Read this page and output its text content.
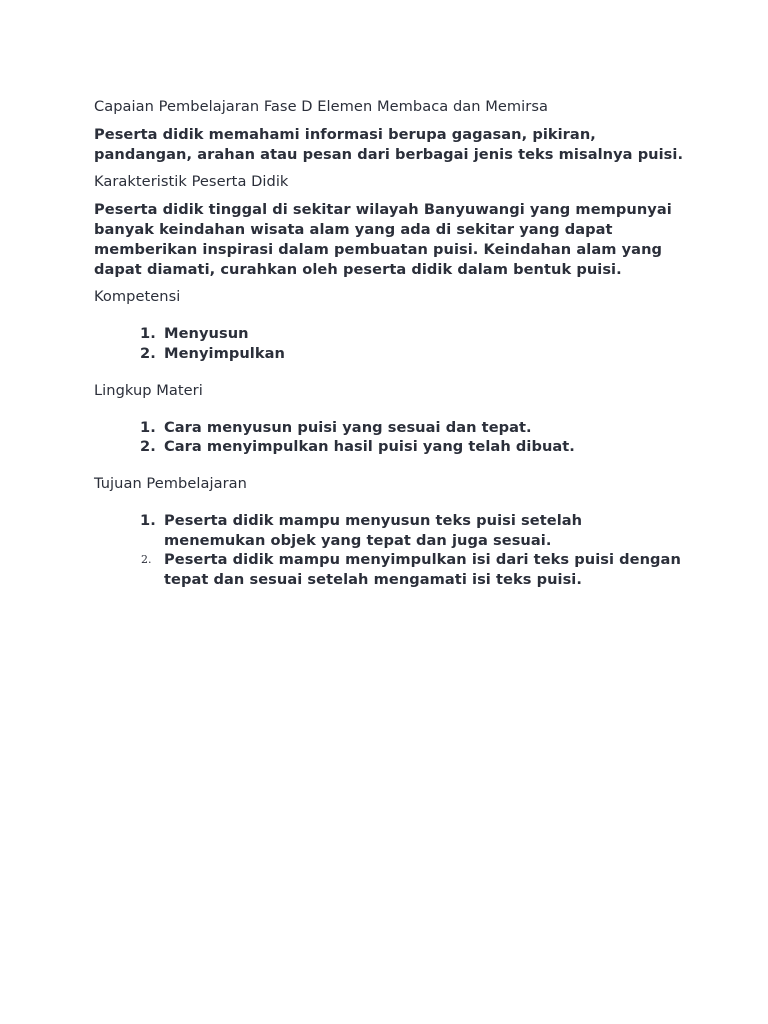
Capaian Pembelajaran Fase D Elemen Membaca dan Memirsa

Peserta didik memahami informasi berupa gagasan, pikiran, pandangan, arahan atau pesan dari berbagai jenis teks misalnya puisi.

Karakteristik Peserta Didik

Peserta didik tinggal di sekitar wilayah Banyuwangi yang mempunyai banyak keindahan wisata alam yang ada di sekitar yang dapat memberikan inspirasi dalam pembuatan puisi. Keindahan alam yang dapat diamati, curahkan oleh peserta didik dalam bentuk puisi.

Kompetensi

1. Menyusun
2. Menyimpulkan

Lingkup Materi

1. Cara menyusun puisi yang sesuai dan tepat.
2. Cara menyimpulkan hasil puisi yang telah dibuat.

Tujuan Pembelajaran

1. Peserta didik mampu menyusun teks puisi setelah menemukan objek yang tepat dan juga sesuai.
2. Peserta didik mampu menyimpulkan isi dari teks puisi dengan tepat dan sesuai setelah mengamati isi teks puisi.
